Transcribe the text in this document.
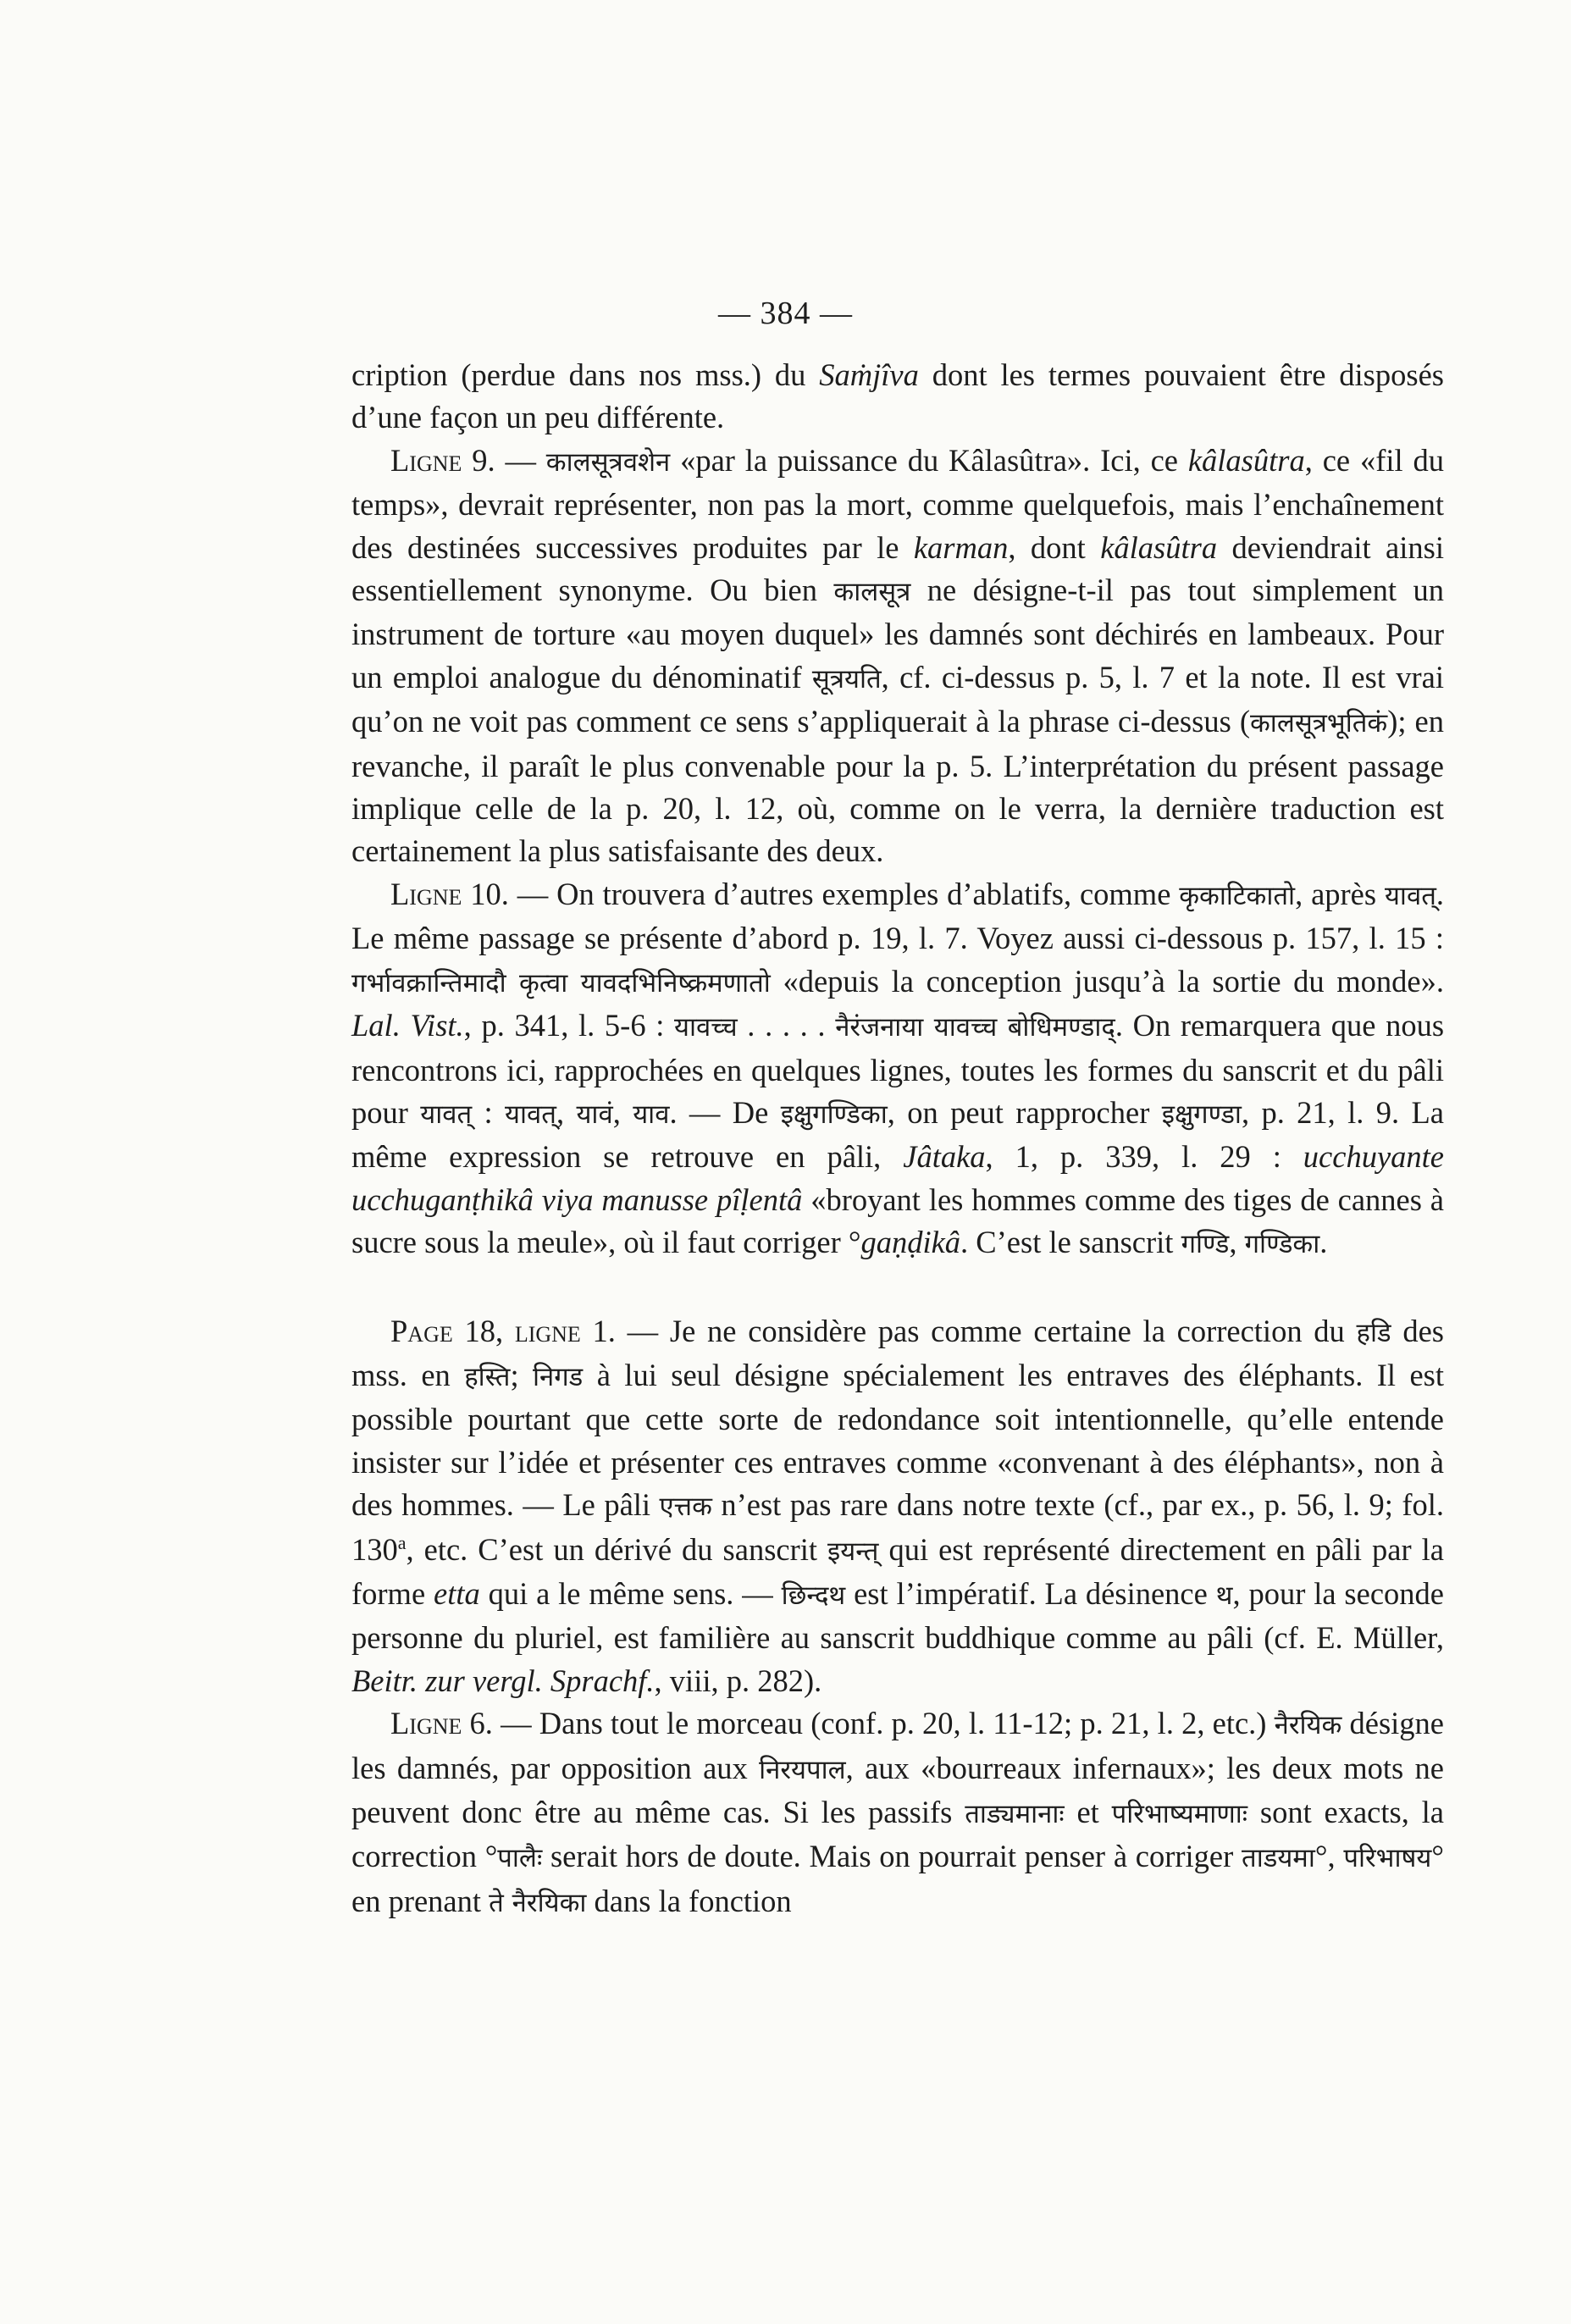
— 384 —

cription (perdue dans nos mss.) du Saṁjîva dont les termes pouvaient être disposés d’une façon un peu différente.

Ligne 9. — कालसूत्रवशेन «par la puissance du Kâlasûtra». Ici, ce kâlasûtra, ce «fil du temps», devrait représenter, non pas la mort, comme quelquefois, mais l’enchaînement des destinées successives produites par le karman, dont kâlasûtra deviendrait ainsi essentiellement synonyme. Ou bien कालसूत्र ne désigne-t-il pas tout simplement un instrument de torture «au moyen duquel» les damnés sont déchirés en lambeaux. Pour un emploi analogue du dénominatif सूत्रयति, cf. ci-dessus p. 5, l. 7 et la note. Il est vrai qu’on ne voit pas comment ce sens s’appliquerait à la phrase ci-dessus (कालसूत्रभूतिकं); en revanche, il paraît le plus convenable pour la p. 5. L’interprétation du présent passage implique celle de la p. 20, l. 12, où, comme on le verra, la dernière traduction est certainement la plus satisfaisante des deux.

Ligne 10. — On trouvera d’autres exemples d’ablatifs, comme कृकाटिकातो, après यावत्. Le même passage se présente d’abord p. 19, l. 7. Voyez aussi ci-dessous p. 157, l. 15 : गर्भावक्रान्तिमादौ कृत्वा यावदभिनिष्क्रमणातो «depuis la conception jusqu’à la sortie du monde». Lal. Vist., p. 341, l. 5-6 : यावच्च . . . . . नैरंजनाया यावच्च बोधिमण्डाद्. On remarquera que nous rencontrons ici, rapprochées en quelques lignes, toutes les formes du sanscrit et du pâli pour यावत् : यावत्, यावं, याव. — De इक्षुगण्डिका, on peut rapprocher इक्षुगण्डा, p. 21, l. 9. La même expression se retrouve en pâli, Jâtaka, 1, p. 339, l. 29 : ucchuyante ucchuganṭhikâ viya manusse pîḷentâ «broyant les hommes comme des tiges de cannes à sucre sous la meule», où il faut corriger °gaṇḍikâ. C’est le sanscrit गण्डि, गण्डिका.

Page 18, ligne 1. — Je ne considère pas comme certaine la correction du हडि des mss. en हस्ति; निगड à lui seul désigne spécialement les entraves des éléphants. Il est possible pourtant que cette sorte de redondance soit intentionnelle, qu’elle entende insister sur l’idée et présenter ces entraves comme «convenant à des éléphants», non à des hommes. — Le pâli एत्तक n’est pas rare dans notre texte (cf., par ex., p. 56, l. 9; fol. 130$^a$, etc. C’est un dérivé du sanscrit इयन्त् qui est représenté directement en pâli par la forme etta qui a le même sens. — छिन्दथ est l’impératif. La désinence थ, pour la seconde personne du pluriel, est familière au sanscrit buddhique comme au pâli (cf. E. Müller, Beitr. zur vergl. Sprachf., viii, p. 282).

Ligne 6. — Dans tout le morceau (conf. p. 20, l. 11-12; p. 21, l. 2, etc.) नैरयिक désigne les damnés, par opposition aux निरयपाल, aux «bourreaux infernaux»; les deux mots ne peuvent donc être au même cas. Si les passifs ताड्यमानाः et परिभाष्यमाणाः sont exacts, la correction °पालैः serait hors de doute. Mais on pourrait penser à corriger ताडयमा°, परिभाषय° en prenant ते नैरयिका dans la fonction
